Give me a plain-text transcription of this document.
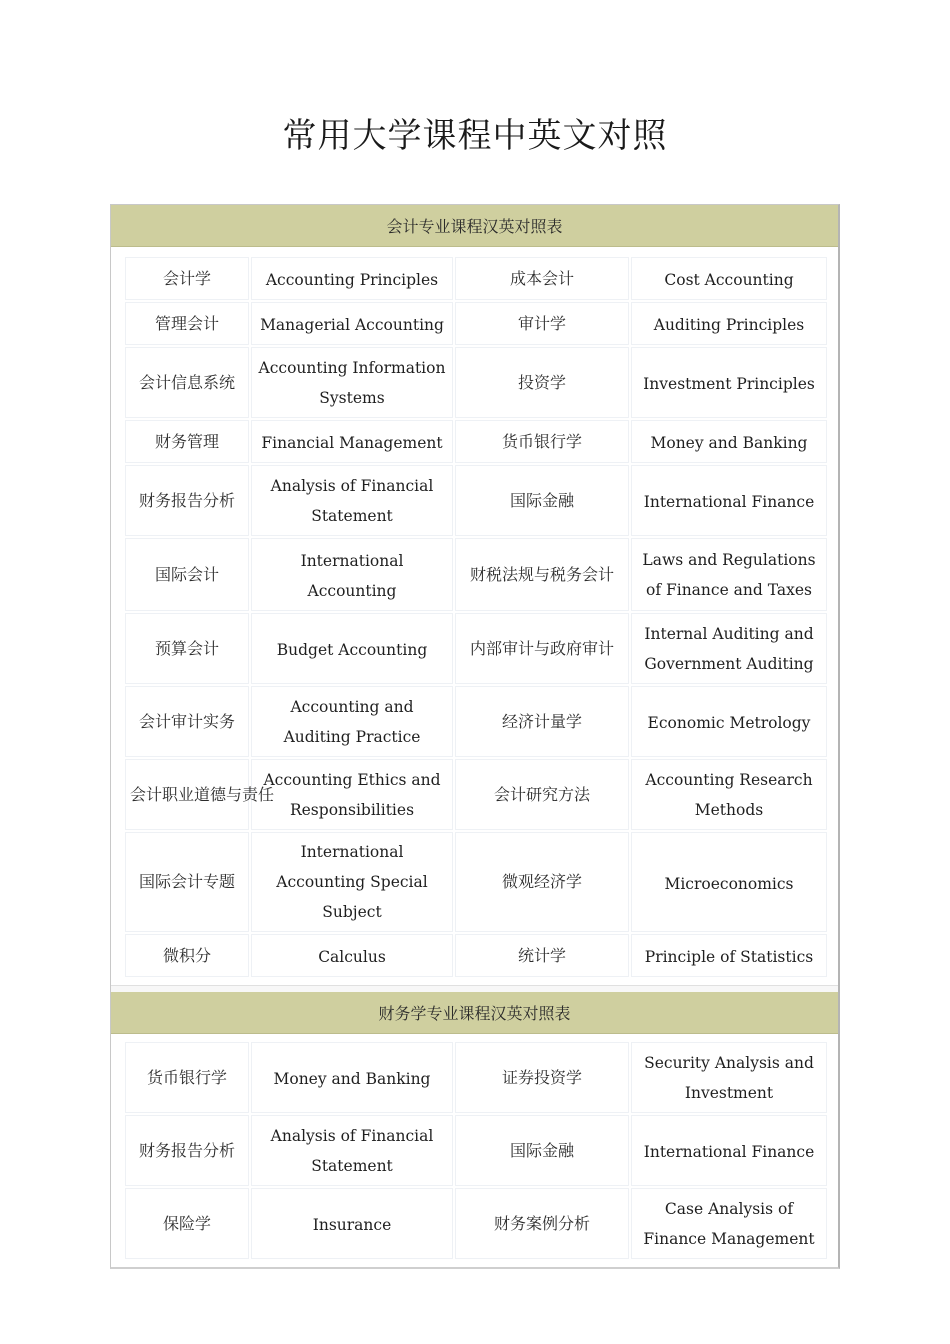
常用大学课程中英文对照
会计专业课程汉英对照表
会计学	Accounting Principles	成本会计	Cost Accounting
管理会计	Managerial Accounting	审计学	Auditing Principles
会计信息系统	Accounting Information Systems	投资学	Investment Principles
财务管理	Financial Management	货币银行学	Money and Banking
财务报告分析	Analysis of Financial Statement	国际金融	International Finance
国际会计	International Accounting	财税法规与税务会计	Laws and Regulations of Finance and Taxes
预算会计	Budget Accounting	内部审计与政府审计	Internal Auditing and Government Auditing
会计审计实务	Accounting and Auditing Practice	经济计量学	Economic Metrology
会计职业道德与责任	Accounting Ethics and Responsibilities	会计研究方法	Accounting Research Methods
国际会计专题	International Accounting Special Subject	微观经济学	Microeconomics
微积分	Calculus	统计学	Principle of Statistics
财务学专业课程汉英对照表
货币银行学	Money and Banking	证券投资学	Security Analysis and Investment
财务报告分析	Analysis of Financial Statement	国际金融	International Finance
保险学	Insurance	财务案例分析	Case Analysis of Finance Management
